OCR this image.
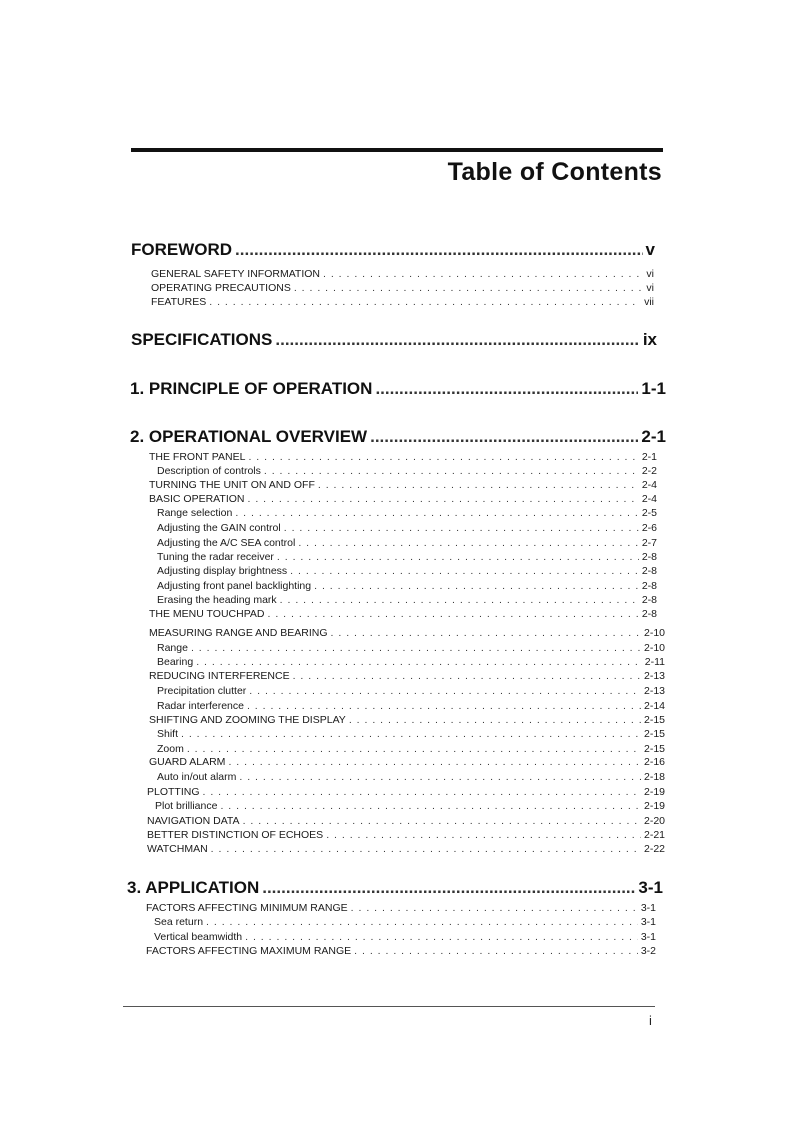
Table of Contents
FOREWORD .....	v
GENERAL SAFETY INFORMATION . . .	vi
OPERATING PRECAUTIONS . . .	vi
FEATURES . . .	vii
SPECIFICATIONS .....	ix
1. PRINCIPLE OF OPERATION .....	1-1
2. OPERATIONAL OVERVIEW .....	2-1
THE FRONT PANEL . . .	2-1
Description of controls . . .	2-2
TURNING THE UNIT ON AND OFF . . .	2-4
BASIC OPERATION . . .	2-4
Range selection . . .	2-5
Adjusting the GAIN control . . .	2-6
Adjusting the A/C SEA control . . .	2-7
Tuning the radar receiver . . .	2-8
Adjusting display brightness . . .	2-8
Adjusting front panel backlighting . . .	2-8
Erasing the heading mark . . .	2-8
THE MENU TOUCHPAD . . .	2-8
MEASURING RANGE AND BEARING . . .	2-10
Range . . .	2-10
Bearing . . .	2-11
REDUCING INTERFERENCE . . .	2-13
Precipitation clutter . . .	2-13
Radar interference . . .	2-14
SHIFTING AND ZOOMING THE DISPLAY . . .	2-15
Shift . . .	2-15
Zoom . . .	2-15
GUARD ALARM . . .	2-16
Auto in/out alarm . . .	2-18
PLOTTING . . .	2-19
Plot brilliance . . .	2-19
NAVIGATION DATA . . .	2-20
BETTER DISTINCTION OF ECHOES . . .	2-21
WATCHMAN . . .	2-22
3. APPLICATION .....	3-1
FACTORS AFFECTING MINIMUM RANGE . . .	3-1
Sea return . . .	3-1
Vertical beamwidth . . .	3-1
FACTORS AFFECTING MAXIMUM RANGE . . .	3-2
i
